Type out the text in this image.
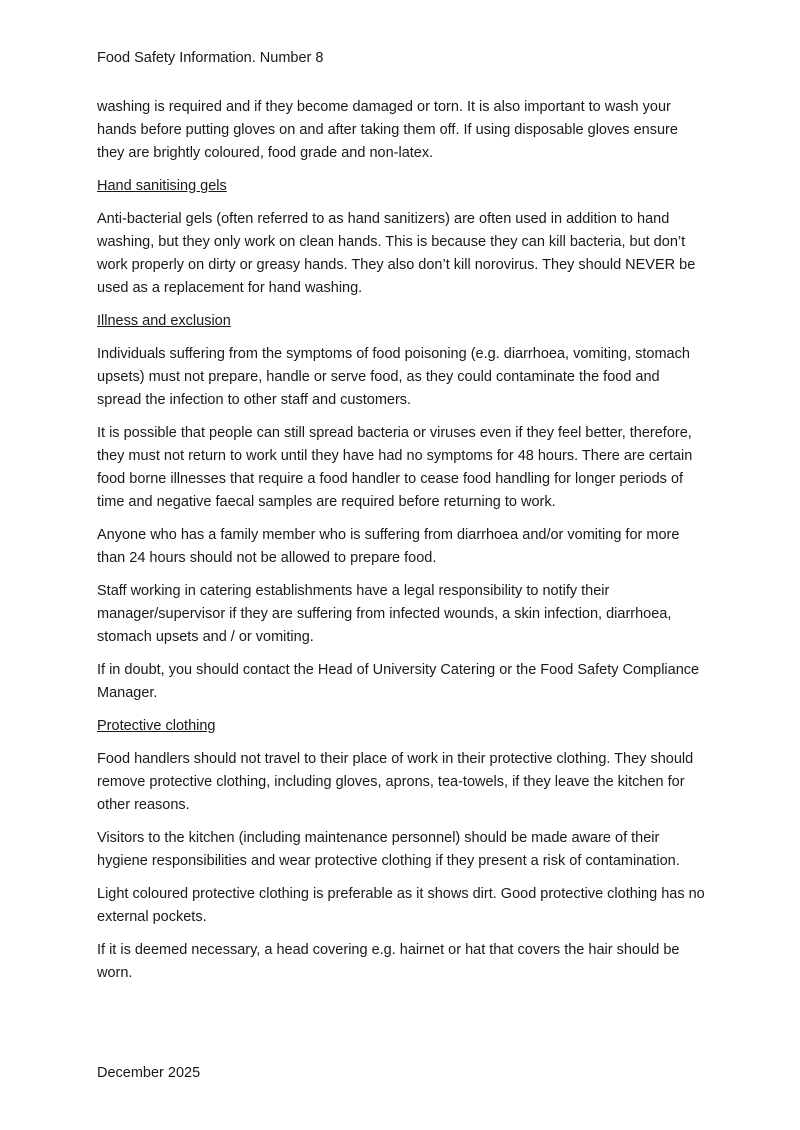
Food Safety Information. Number 8

washing is required and if they become damaged or torn. It is also important to wash your hands before putting gloves on and after taking them off. If using disposable gloves ensure they are brightly coloured, food grade and non-latex.

Hand sanitising gels

Anti-bacterial gels (often referred to as hand sanitizers) are often used in addition to hand washing, but they only work on clean hands. This is because they can kill bacteria, but don’t work properly on dirty or greasy hands. They also don’t kill norovirus. They should NEVER be used as a replacement for hand washing.

Illness and exclusion

Individuals suffering from the symptoms of food poisoning (e.g. diarrhoea, vomiting, stomach upsets) must not prepare, handle or serve food, as they could contaminate the food and spread the infection to other staff and customers.

It is possible that people can still spread bacteria or viruses even if they feel better, therefore, they must not return to work until they have had no symptoms for 48 hours. There are certain food borne illnesses that require a food handler to cease food handling for longer periods of time and negative faecal samples are required before returning to work.

Anyone who has a family member who is suffering from diarrhoea and/or vomiting for more than 24 hours should not be allowed to prepare food.

Staff working in catering establishments have a legal responsibility to notify their manager/supervisor if they are suffering from infected wounds, a skin infection, diarrhoea, stomach upsets and / or vomiting.

If in doubt, you should contact the Head of University Catering or the Food Safety Compliance Manager.

Protective clothing

Food handlers should not travel to their place of work in their protective clothing. They should remove protective clothing, including gloves, aprons, tea-towels, if they leave the kitchen for other reasons.

Visitors to the kitchen (including maintenance personnel) should be made aware of their hygiene responsibilities and wear protective clothing if they present a risk of contamination.

Light coloured protective clothing is preferable as it shows dirt. Good protective clothing has no external pockets.

If it is deemed necessary, a head covering e.g. hairnet or hat that covers the hair should be worn.

December 2025
